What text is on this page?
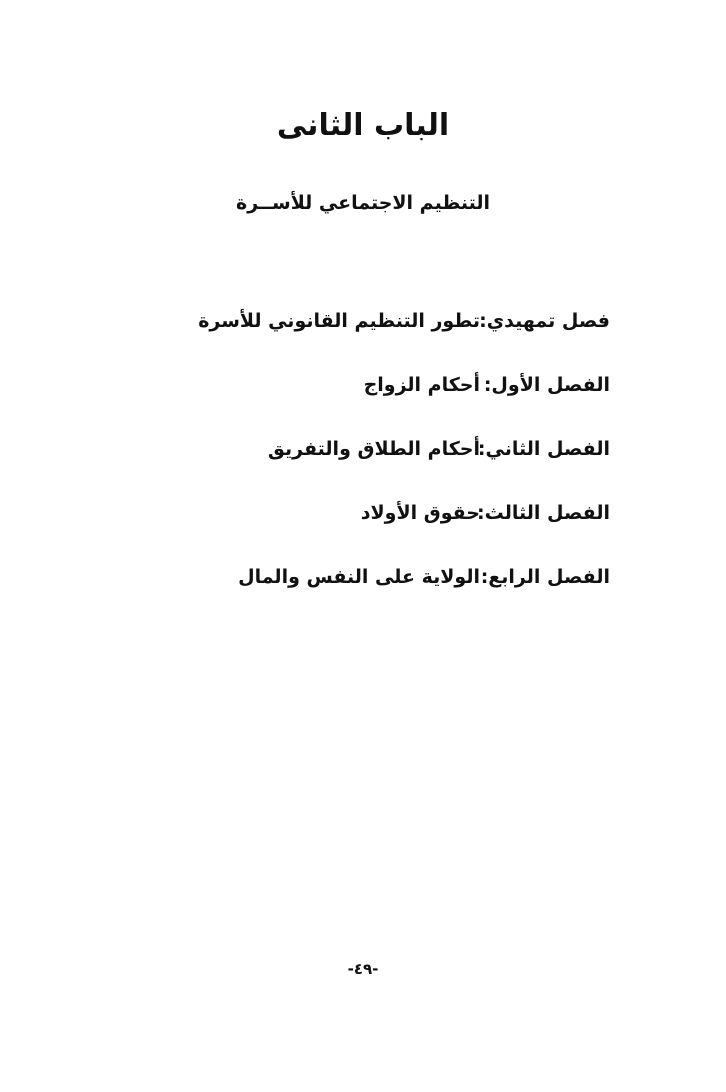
الباب الثانى
التنظيم الاجتماعي للأســرة
فصل تمهيدي:
تطور التنظيم القانوني للأسرة
الفصل الأول:
أحكام الزواج
الفصل الثاني:
أحكام الطلاق والتفريق
الفصل الثالث:
حقوق الأولاد
الفصل الرابع:
الولاية على النفس والمال
-٤٩-
